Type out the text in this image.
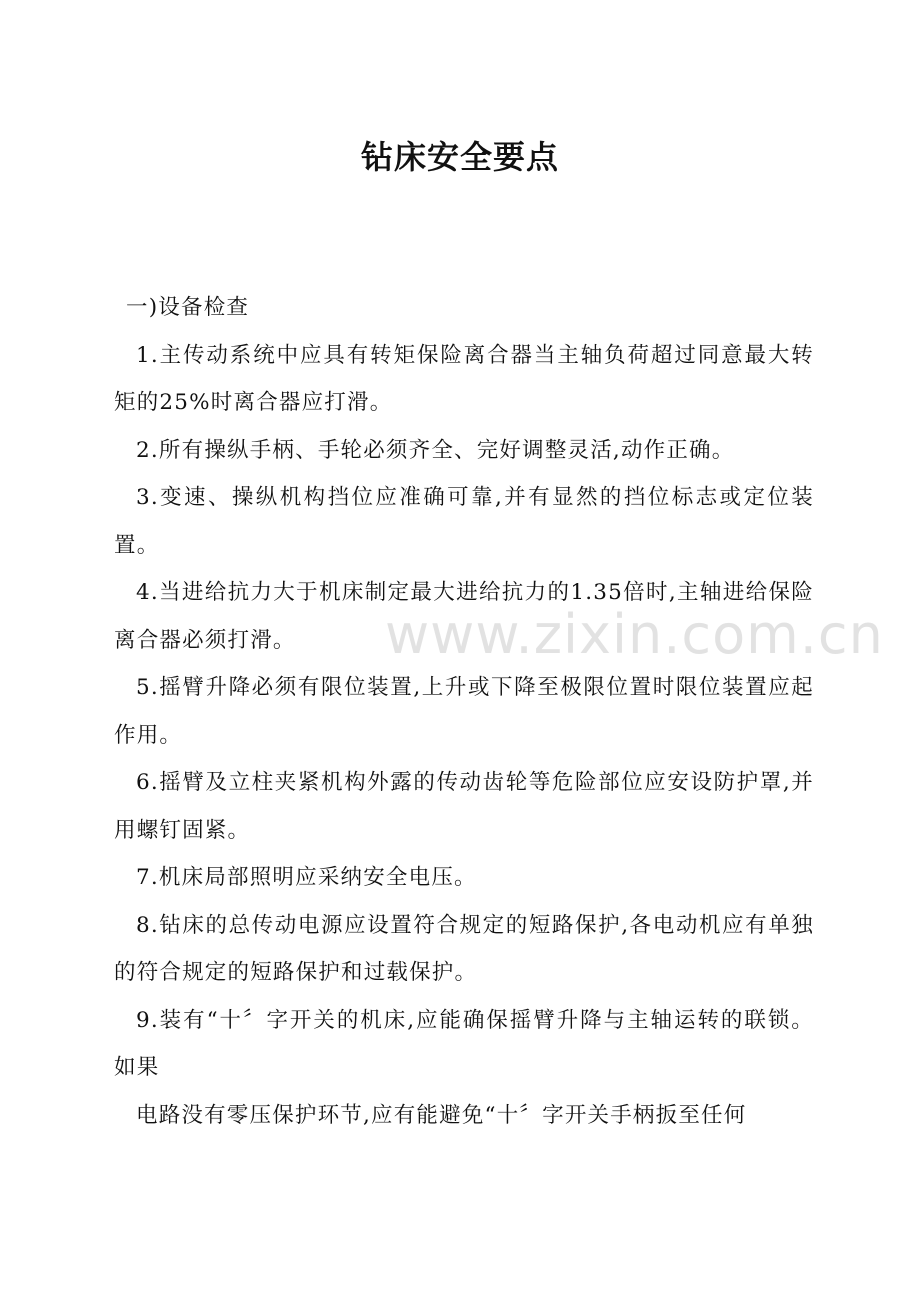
钻床安全要点

一)设备检查

1.主传动系统中应具有转矩保险离合器当主轴负荷超过同意最大转矩的25%时离合器应打滑。

2.所有操纵手柄、手轮必须齐全、完好调整灵活,动作正确。

3.变速、操纵机构挡位应准确可靠,并有显然的挡位标志或定位装置。

4.当进给抗力大于机床制定最大进给抗力的1.35倍时,主轴进给保险离合器必须打滑。

5.摇臂升降必须有限位装置,上升或下降至极限位置时限位装置应起作用。

6.摇臂及立柱夹紧机构外露的传动齿轮等危险部位应安设防护罩,并用螺钉固紧。

7.机床局部照明应采纳安全电压。

8.钻床的总传动电源应设置符合规定的短路保护,各电动机应有单独的符合规定的短路保护和过载保护。

9.装有“十〞字开关的机床,应能确保摇臂升降与主轴运转的联锁。如果

电路没有零压保护环节,应有能避免“十〞字开关手柄扳至任何

www.zixin.com.cn
